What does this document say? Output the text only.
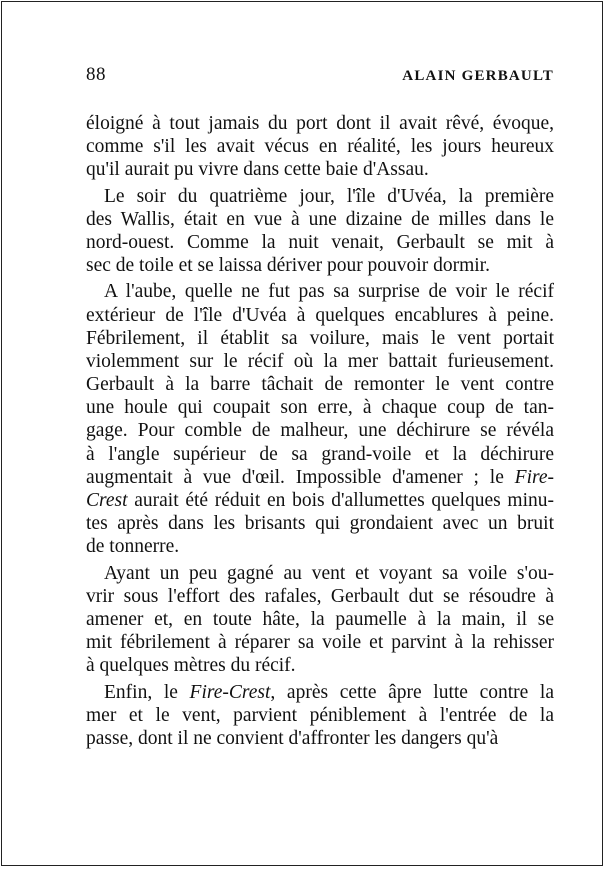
88	ALAIN GERBAULT
éloigné à tout jamais du port dont il avait rêvé, évoque,
comme s'il les avait vécus en réalité, les jours heureux
qu'il aurait pu vivre dans cette baie d'Assau.
Le soir du quatrième jour, l'île d'Uvéa, la première
des Wallis, était en vue à une dizaine de milles dans le
nord-ouest. Comme la nuit venait, Gerbault se mit à
sec de toile et se laissa dériver pour pouvoir dormir.
A l'aube, quelle ne fut pas sa surprise de voir le récif
extérieur de l'île d'Uvéa à quelques encablures à peine.
Fébrilement, il établit sa voilure, mais le vent portait
violemment sur le récif où la mer battait furieusement.
Gerbault à la barre tâchait de remonter le vent contre
une houle qui coupait son erre, à chaque coup de tan-
gage. Pour comble de malheur, une déchirure se révéla
à l'angle supérieur de sa grand-voile et la déchirure
augmentait à vue d'œil. Impossible d'amener ; le Fire-
Crest aurait été réduit en bois d'allumettes quelques minu-
tes après dans les brisants qui grondaient avec un bruit
de tonnerre.
Ayant un peu gagné au vent et voyant sa voile s'ou-
vrir sous l'effort des rafales, Gerbault dut se résoudre à
amener et, en toute hâte, la paumelle à la main, il se
mit fébrilement à réparer sa voile et parvint à la rehisser
à quelques mètres du récif.
Enfin, le Fire-Crest, après cette âpre lutte contre la
mer et le vent, parvient péniblement à l'entrée de la
passe, dont il ne convient d'affronter les dangers qu'à
